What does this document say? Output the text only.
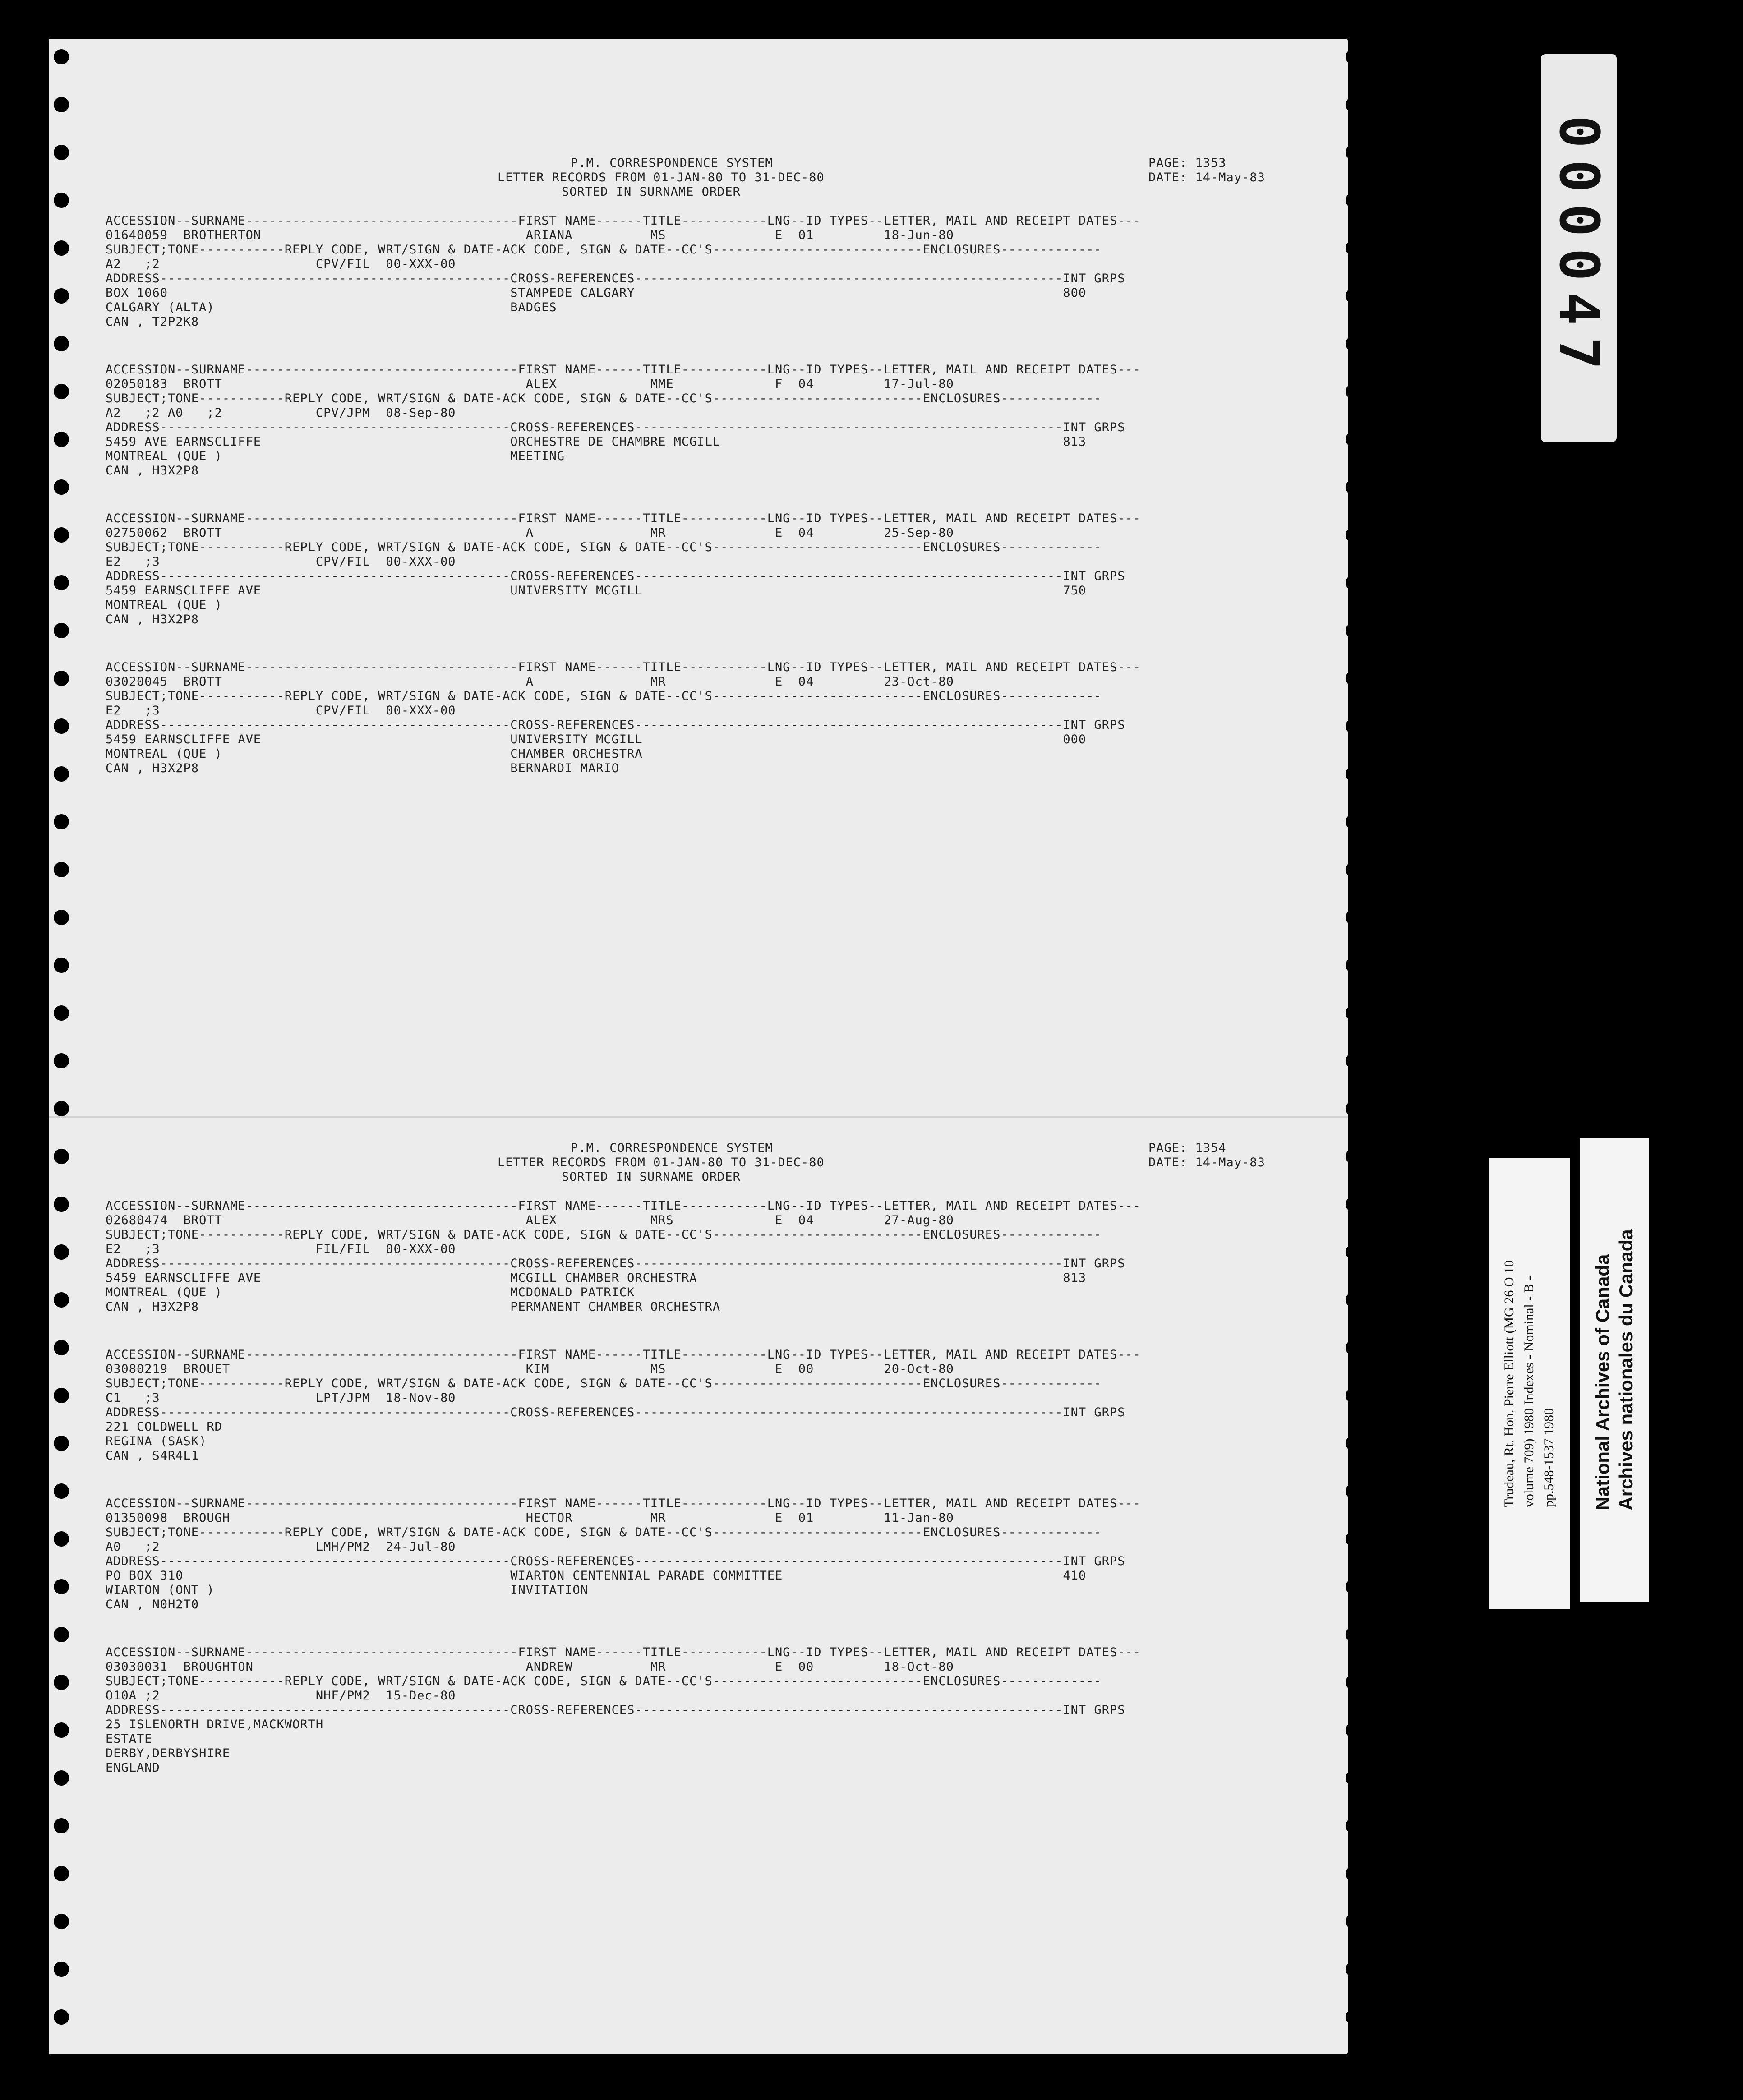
P.M. CORRESPONDENCE SYSTEM
LETTER RECORDS FROM 01-JAN-80 TO 31-DEC-80
SORTED IN SURNAME ORDER
PAGE: 1353
DATE: 14-May-83
ACCESSION--SURNAME-----------------------------------FIRST NAME------TITLE-----------LNG--ID TYPES--LETTER, MAIL AND RECEIPT DATES---
01640059  BROTHERTON                                  ARIANA          MS              E  01         18-Jun-80
SUBJECT;TONE-----------REPLY CODE, WRT/SIGN & DATE-ACK CODE, SIGN & DATE--CC'S---------------------------ENCLOSURES-------------
A2   ;2                    CPV/FIL  00-XXX-00
ADDRESS---------------------------------------------CROSS-REFERENCES-------------------------------------------------------INT GRPS
BOX 1060                                            STAMPEDE CALGARY                                                       800
CALGARY (ALTA)                                      BADGES
CAN , T2P2K8
ACCESSION--SURNAME-----------------------------------FIRST NAME------TITLE-----------LNG--ID TYPES--LETTER, MAIL AND RECEIPT DATES---
02050183  BROTT                                       ALEX            MME             F  04         17-Jul-80
SUBJECT;TONE-----------REPLY CODE, WRT/SIGN & DATE-ACK CODE, SIGN & DATE--CC'S---------------------------ENCLOSURES-------------
A2   ;2 A0   ;2            CPV/JPM  08-Sep-80
ADDRESS---------------------------------------------CROSS-REFERENCES-------------------------------------------------------INT GRPS
5459 AVE EARNSCLIFFE                                ORCHESTRE DE CHAMBRE MCGILL                                            813
MONTREAL (QUE )                                     MEETING
CAN , H3X2P8
ACCESSION--SURNAME-----------------------------------FIRST NAME------TITLE-----------LNG--ID TYPES--LETTER, MAIL AND RECEIPT DATES---
02750062  BROTT                                       A               MR              E  04         25-Sep-80
SUBJECT;TONE-----------REPLY CODE, WRT/SIGN & DATE-ACK CODE, SIGN & DATE--CC'S---------------------------ENCLOSURES-------------
E2   ;3                    CPV/FIL  00-XXX-00
ADDRESS---------------------------------------------CROSS-REFERENCES-------------------------------------------------------INT GRPS
5459 EARNSCLIFFE AVE                                UNIVERSITY MCGILL                                                      750
MONTREAL (QUE )
CAN , H3X2P8
ACCESSION--SURNAME-----------------------------------FIRST NAME------TITLE-----------LNG--ID TYPES--LETTER, MAIL AND RECEIPT DATES---
03020045  BROTT                                       A               MR              E  04         23-Oct-80
SUBJECT;TONE-----------REPLY CODE, WRT/SIGN & DATE-ACK CODE, SIGN & DATE--CC'S---------------------------ENCLOSURES-------------
E2   ;3                    CPV/FIL  00-XXX-00
ADDRESS---------------------------------------------CROSS-REFERENCES-------------------------------------------------------INT GRPS
5459 EARNSCLIFFE AVE                                UNIVERSITY MCGILL                                                      000
MONTREAL (QUE )                                     CHAMBER ORCHESTRA
CAN , H3X2P8                                        BERNARDI MARIO
P.M. CORRESPONDENCE SYSTEM
LETTER RECORDS FROM 01-JAN-80 TO 31-DEC-80
SORTED IN SURNAME ORDER
PAGE: 1354
DATE: 14-May-83
ACCESSION--SURNAME-----------------------------------FIRST NAME------TITLE-----------LNG--ID TYPES--LETTER, MAIL AND RECEIPT DATES---
02680474  BROTT                                       ALEX            MRS             E  04         27-Aug-80
SUBJECT;TONE-----------REPLY CODE, WRT/SIGN & DATE-ACK CODE, SIGN & DATE--CC'S---------------------------ENCLOSURES-------------
E2   ;3                    FIL/FIL  00-XXX-00
ADDRESS---------------------------------------------CROSS-REFERENCES-------------------------------------------------------INT GRPS
5459 EARNSCLIFFE AVE                                MCGILL CHAMBER ORCHESTRA                                               813
MONTREAL (QUE )                                     MCDONALD PATRICK
CAN , H3X2P8                                        PERMANENT CHAMBER ORCHESTRA
ACCESSION--SURNAME-----------------------------------FIRST NAME------TITLE-----------LNG--ID TYPES--LETTER, MAIL AND RECEIPT DATES---
03080219  BROUET                                      KIM             MS              E  00         20-Oct-80
SUBJECT;TONE-----------REPLY CODE, WRT/SIGN & DATE-ACK CODE, SIGN & DATE--CC'S---------------------------ENCLOSURES-------------
C1   ;3                    LPT/JPM  18-Nov-80
ADDRESS---------------------------------------------CROSS-REFERENCES-------------------------------------------------------INT GRPS
221 COLDWELL RD
REGINA (SASK)
CAN , S4R4L1
ACCESSION--SURNAME-----------------------------------FIRST NAME------TITLE-----------LNG--ID TYPES--LETTER, MAIL AND RECEIPT DATES---
01350098  BROUGH                                      HECTOR          MR              E  01         11-Jan-80
SUBJECT;TONE-----------REPLY CODE, WRT/SIGN & DATE-ACK CODE, SIGN & DATE--CC'S---------------------------ENCLOSURES-------------
A0   ;2                    LMH/PM2  24-Jul-80
ADDRESS---------------------------------------------CROSS-REFERENCES-------------------------------------------------------INT GRPS
PO BOX 310                                          WIARTON CENTENNIAL PARADE COMMITTEE                                    410
WIARTON (ONT )                                      INVITATION
CAN , N0H2T0
ACCESSION--SURNAME-----------------------------------FIRST NAME------TITLE-----------LNG--ID TYPES--LETTER, MAIL AND RECEIPT DATES---
03030031  BROUGHTON                                   ANDREW          MR              E  00         18-Oct-80
SUBJECT;TONE-----------REPLY CODE, WRT/SIGN & DATE-ACK CODE, SIGN & DATE--CC'S---------------------------ENCLOSURES-------------
O10A ;2                    NHF/PM2  15-Dec-80
ADDRESS---------------------------------------------CROSS-REFERENCES-------------------------------------------------------INT GRPS
25 ISLENORTH DRIVE,MACKWORTH
ESTATE
DERBY,DERBYSHIRE
ENGLAND
000047
Trudeau, Rt. Hon. Pierre Elliott (MG 26 O 10 volume 709) 1980 Indexes - Nominal - B - pp.548-1537 1980 National Archives of Canada Archives nationales du Canada
